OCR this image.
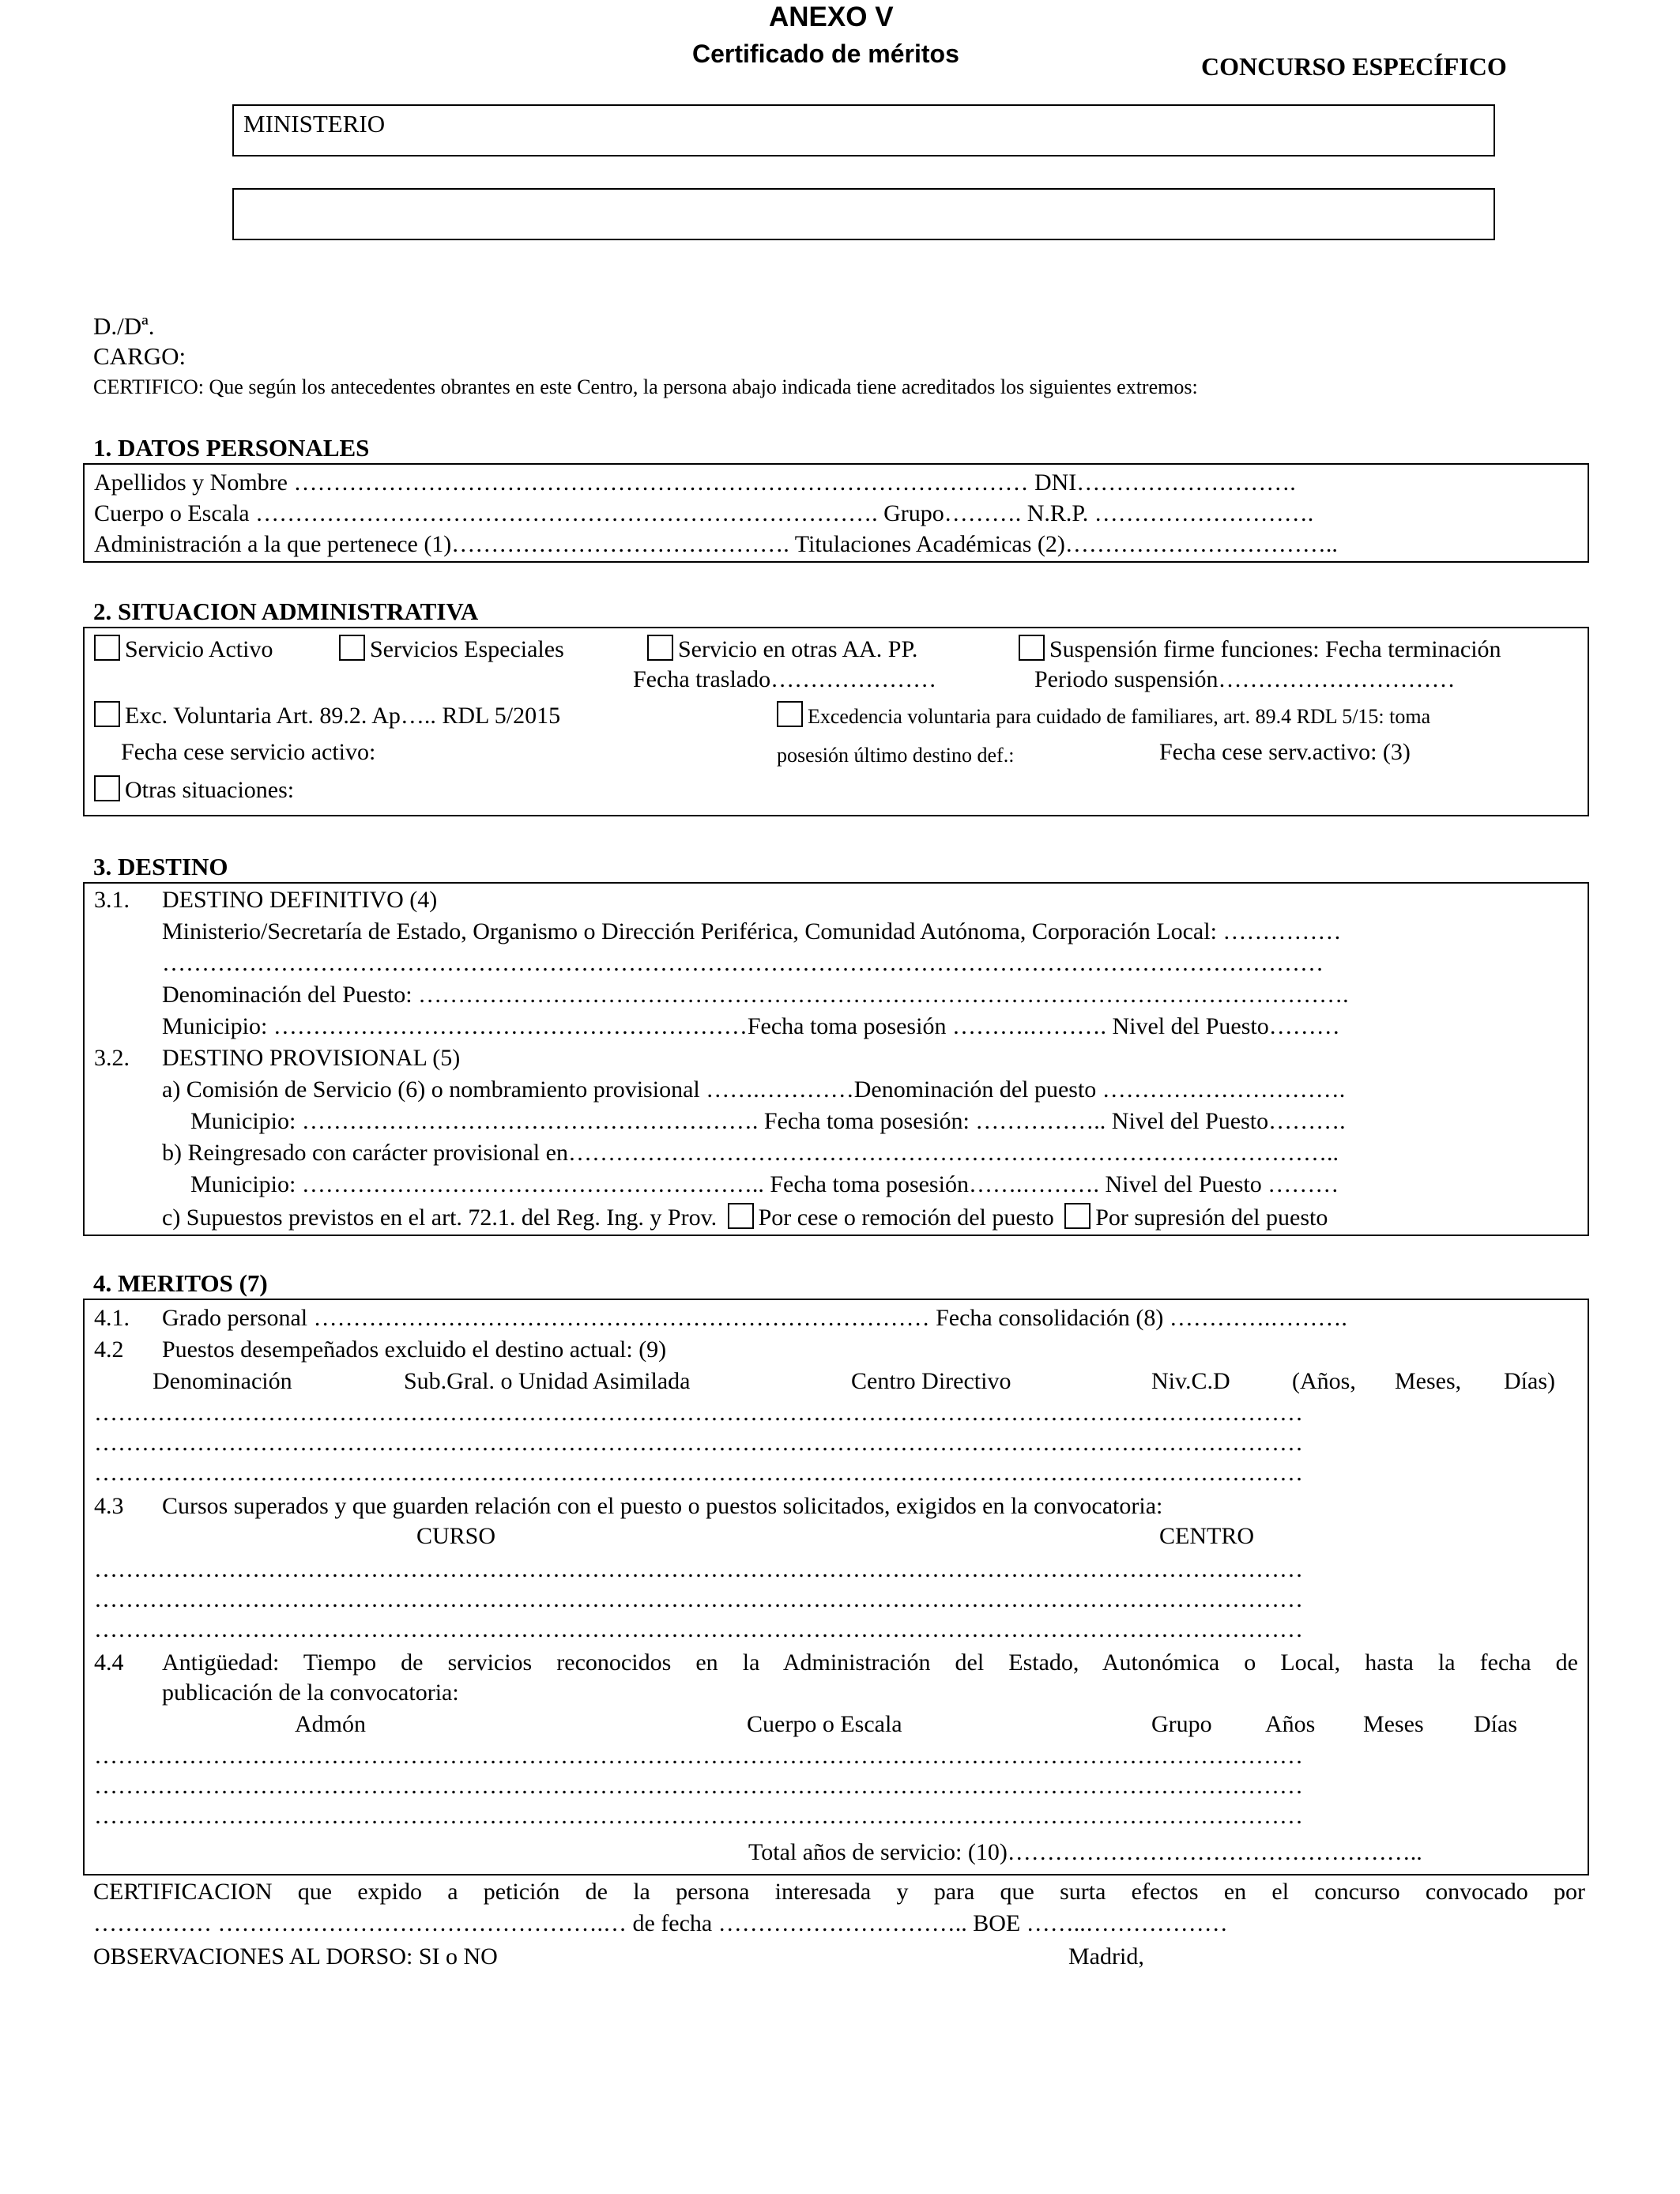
ANEXO V
Certificado de méritos	CONCURSO ESPECÍFICO
MINISTERIO
D./Dª.
CARGO:
CERTIFICO: Que según los antecedentes obrantes en este Centro, la persona abajo indicada tiene acreditados los siguientes extremos:
1. DATOS PERSONALES
Apellidos y Nombre ………………………………………………………………………………… DNI……………………….
Cuerpo o Escala ……………………………………………………………………. Grupo………. N.R.P. ……………………….
Administración a la que pertenece (1)……………………………………. Titulaciones Académicas (2)……………………………..
2. SITUACION ADMINISTRATIVA
Servicio Activo	Servicios Especiales	Servicio en otras AA. PP.	Suspensión firme funciones: Fecha terminación
Fecha traslado…………………	Periodo suspensión…………………………
Exc. Voluntaria Art. 89.2. Ap….. RDL 5/2015	Excedencia voluntaria para cuidado de familiares, art. 89.4 RDL 5/15: toma
Fecha cese servicio activo:	posesión último destino def.:	Fecha cese serv.activo: (3)
Otras situaciones:
3. DESTINO
3.1. DESTINO DEFINITIVO (4)
Ministerio/Secretaría de Estado, Organismo o Dirección Periférica, Comunidad Autónoma, Corporación Local: ……………
…………………………………………………………………………………………………………………………………
Denominación del Puesto: ……………………………………………………………………………………………………….
Municipio: ……………………………………………………Fecha toma posesión ……….………. Nivel del Puesto………
3.2. DESTINO PROVISIONAL (5)
a) Comisión de Servicio (6) o nombramiento provisional …….…………Denominación del puesto ………………………….
Municipio: …………………………………………………. Fecha toma posesión: …………….. Nivel del Puesto……….
b) Reingresado con carácter provisional en……………………………………………………………………………………..
Municipio: ………………………………………………….. Fecha toma posesión…….………. Nivel del Puesto ………
c) Supuestos previstos en el art. 72.1. del Reg. Ing. y Prov. Por cese o remoción del puesto Por supresión del puesto
4. MERITOS (7)
4.1. Grado personal …………………………………………………………………… Fecha consolidación (8) ………….……….
4.2 Puestos desempeñados excluido el destino actual: (9)
Denominación	Sub.Gral. o Unidad Asimilada	Centro Directivo	Niv.C.D	(Años, Meses, Días)
………………………………………………………………………………………………………………………………………
………………………………………………………………………………………………………………………………………
………………………………………………………………………………………………………………………………………
4.3 Cursos superados y que guarden relación con el puesto o puestos solicitados, exigidos en la convocatoria:
CURSO	CENTRO
………………………………………………………………………………………………………………………………………
………………………………………………………………………………………………………………………………………
………………………………………………………………………………………………………………………………………
4.4 Antigüedad: Tiempo de servicios reconocidos en la Administración del Estado, Autonómica o Local, hasta la fecha de
publicación de la convocatoria:
Admón	Cuerpo o Escala	Grupo Años Meses Días
………………………………………………………………………………………………………………………………………
………………………………………………………………………………………………………………………………………
………………………………………………………………………………………………………………………………………
Total años de servicio: (10)……………………………………………..
CERTIFICACION que expido a petición de la persona interesada y para que surta efectos en el concurso convocado por
…………… ………………………………………….… de fecha ………………………….. BOE ……..………………
OBSERVACIONES AL DORSO: SI o NO	Madrid,
